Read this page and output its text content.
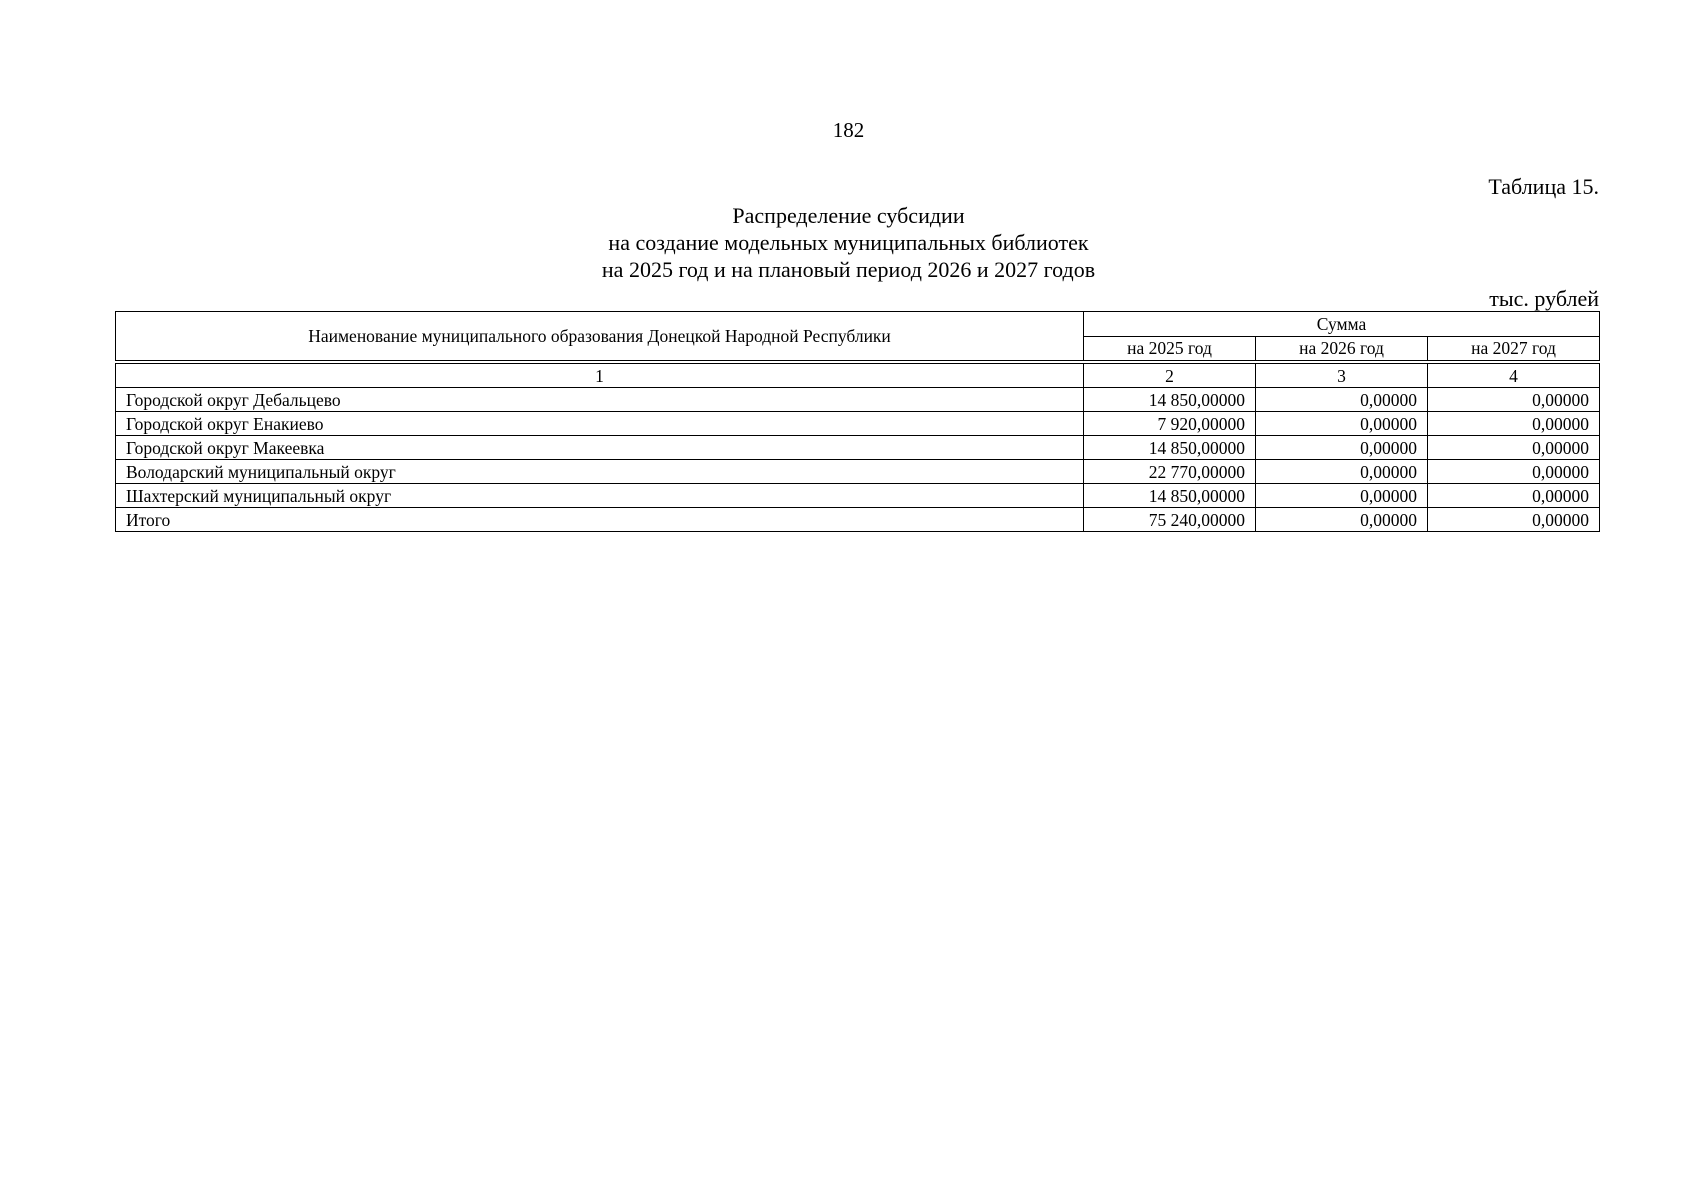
182
Таблица 15.
Распределение субсидии
на создание модельных муниципальных библиотек
на 2025 год и на плановый период 2026 и 2027 годов
тыс. рублей
Наименование муниципального образования Донецкой Народной Республики	Сумма		
	на 2025 год	на 2026 год	на 2027 год

1	2	3	4
Городской округ Дебальцево	14 850,00000	0,00000	0,00000
Городской округ Енакиево	7 920,00000	0,00000	0,00000
Городской округ Макеевка	14 850,00000	0,00000	0,00000
Володарский муниципальный округ	22 770,00000	0,00000	0,00000
Шахтерский муниципальный округ	14 850,00000	0,00000	0,00000
Итого	75 240,00000	0,00000	0,00000
